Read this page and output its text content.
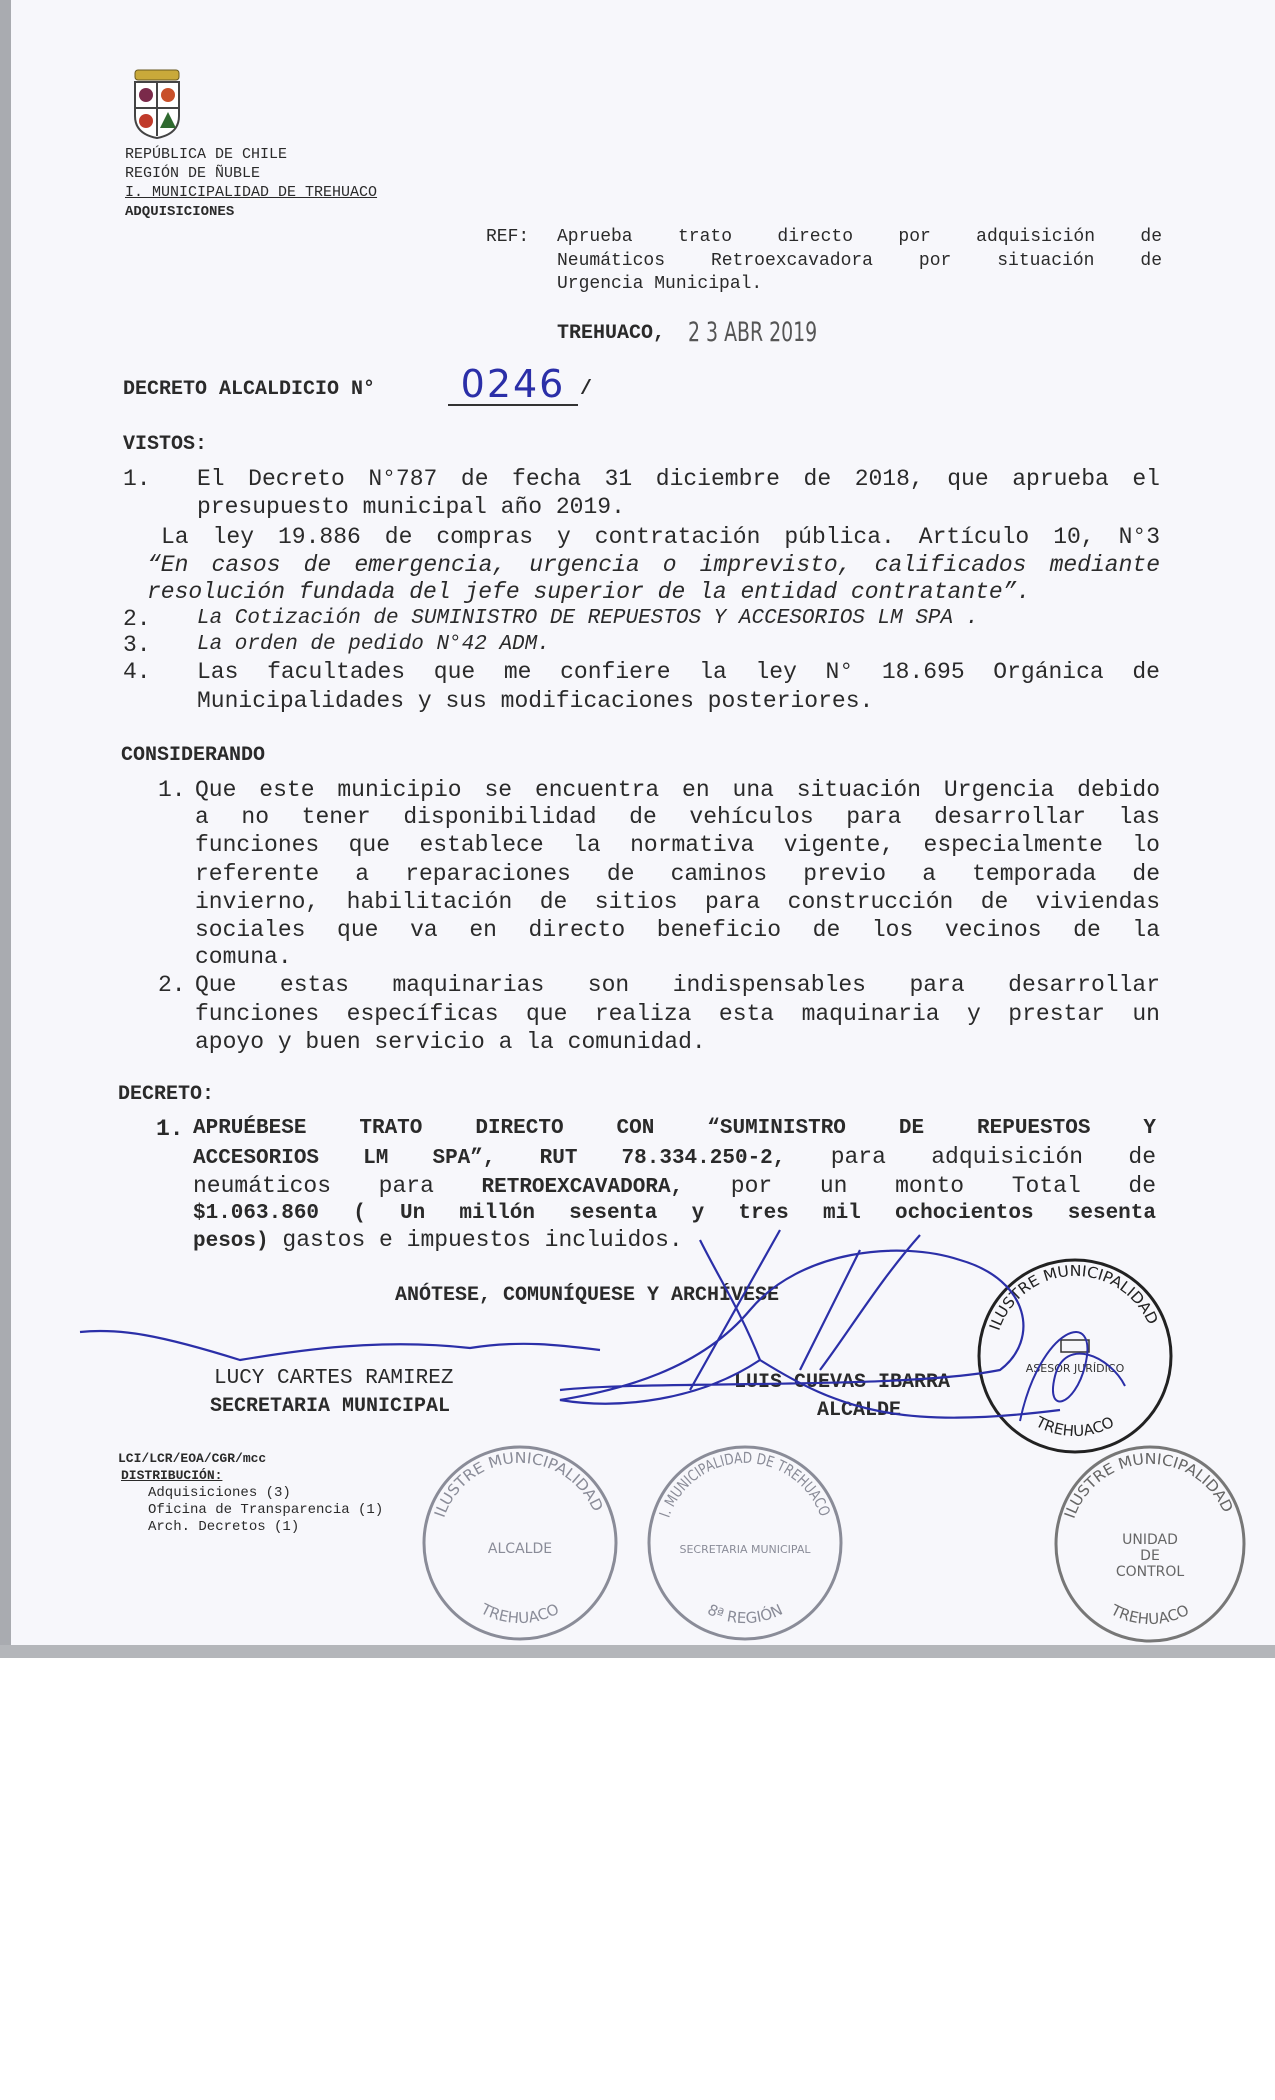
REPÚBLICA DE CHILE
REGIÓN DE ÑUBLE
I. MUNICIPALIDAD DE TREHUACO
ADQUISICIONES
REF: Aprueba trato directo por adquisición de
Neumáticos Retroexcavadora por situación de
Urgencia Municipal.
TREHUACO, 2 3 ABR 2019
DECRETO ALCALDICIO N°	0246 /
VISTOS:
1. El Decreto N°787 de fecha 31 diciembre de 2018, que aprueba el
presupuesto municipal año 2019.
La ley 19.886 de compras y contratación pública. Artículo 10, N°3
“En casos de emergencia, urgencia o imprevisto, calificados mediante
resolución fundada del jefe superior de la entidad contratante”.
2. La Cotización de SUMINISTRO DE REPUESTOS Y ACCESORIOS LM SPA .
3. La orden de pedido N°42 ADM.
4. Las facultades que me confiere la ley N° 18.695 Orgánica de
Municipalidades y sus modificaciones posteriores.
CONSIDERANDO
1. Que este municipio se encuentra en una situación Urgencia debido
a no tener disponibilidad de vehículos para desarrollar las
funciones que establece la normativa vigente, especialmente lo
referente a reparaciones de caminos previo a temporada de
invierno, habilitación de sitios para construcción de viviendas
sociales que va en directo beneficio de los vecinos de la
comuna.
2. Que estas maquinarias son indispensables para desarrollar
funciones específicas que realiza esta maquinaria y prestar un
apoyo y buen servicio a la comunidad.
DECRETO:
1. APRUÉBESE TRATO DIRECTO CON “SUMINISTRO DE REPUESTOS Y
ACCESORIOS LM SPA”, RUT 78.334.250-2, para adquisición de
neumáticos para RETROEXCAVADORA, por un monto Total de
$1.063.860 ( Un millón sesenta y tres mil ochocientos sesenta
pesos) gastos e impuestos incluidos.
ANÓTESE, COMUNÍQUESE Y ARCHÍVESE
LUCY CARTES RAMIREZ
SECRETARIA MUNICIPAL
LUIS CUEVAS IBARRA
ALCALDE
LCI/LCR/EOA/CGR/mcc
DISTRIBUCIÓN:
Adquisiciones (3)
Oficina de Transparencia (1)
Arch. Decretos (1)
ILUSTRE MUNICIPALIDAD
ALCALDE
TREHUACO
I. MUNICIPALIDAD DE TREHUACO
SECRETARIA MUNICIPAL
8ª REGIÓN
ILUSTRE MUNICIPALIDAD
ASESOR JURÍDICO
TREHUACO
ILUSTRE MUNICIPALIDAD
UNIDAD
DE
CONTROL
TREHUACO
